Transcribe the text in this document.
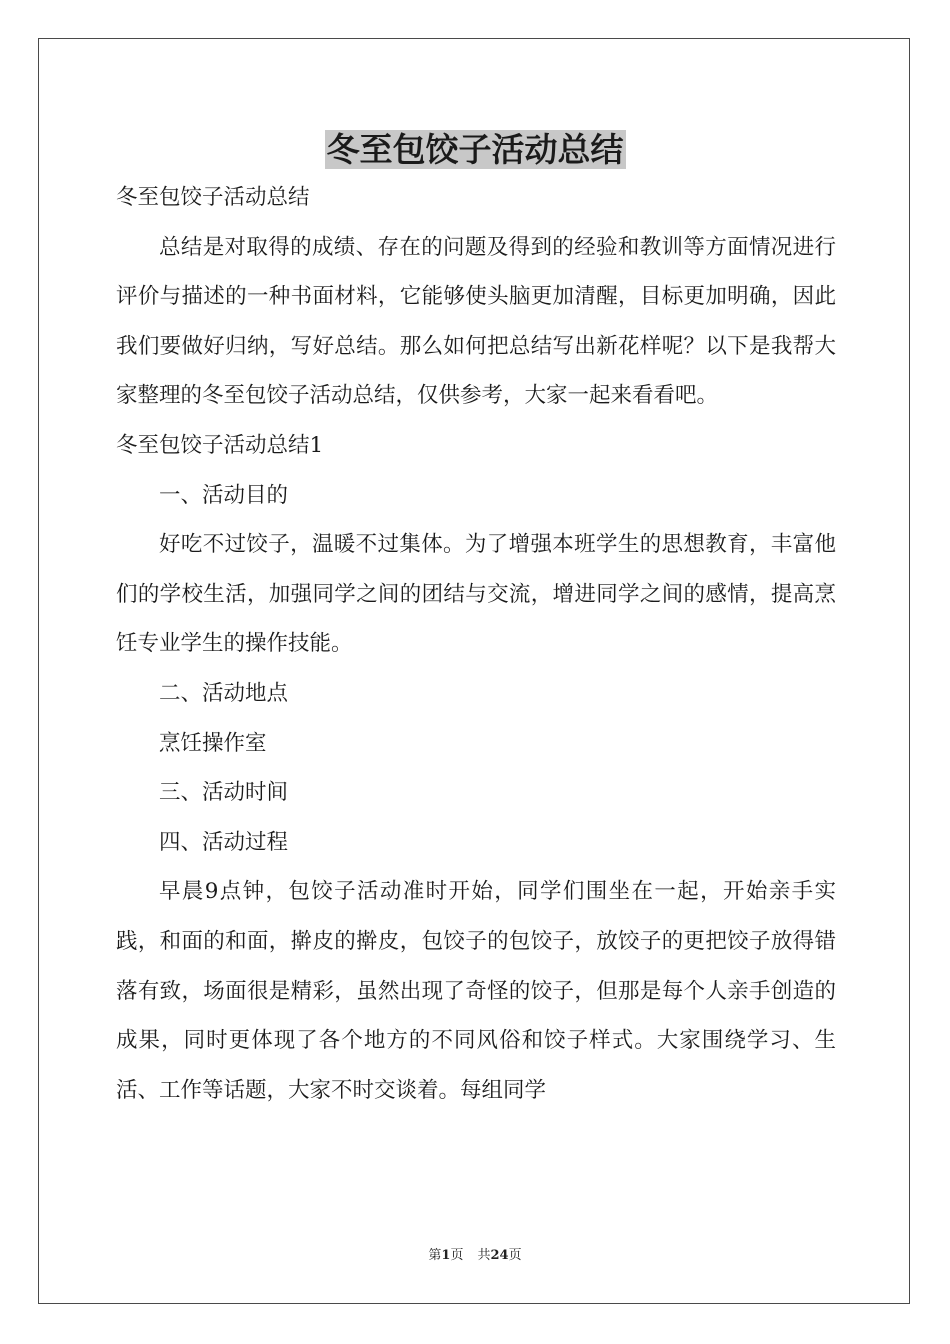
冬至包饺子活动总结

冬至包饺子活动总结

总结是对取得的成绩、存在的问题及得到的经验和教训等方面情况进行评价与描述的一种书面材料，它能够使头脑更加清醒，目标更加明确，因此我们要做好归纳，写好总结。那么如何把总结写出新花样呢？以下是我帮大家整理的冬至包饺子活动总结，仅供参考，大家一起来看看吧。

冬至包饺子活动总结1

一、活动目的

好吃不过饺子，温暖不过集体。为了增强本班学生的思想教育，丰富他们的学校生活，加强同学之间的团结与交流，增进同学之间的感情，提高烹饪专业学生的操作技能。

二、活动地点

烹饪操作室

三、活动时间

四、活动过程

早晨9点钟，包饺子活动准时开始，同学们围坐在一起，开始亲手实践，和面的和面，擀皮的擀皮，包饺子的包饺子，放饺子的更把饺子放得错落有致，场面很是精彩，虽然出现了奇怪的饺子，但那是每个人亲手创造的成果，同时更体现了各个地方的不同风俗和饺子样式。大家围绕学习、生活、工作等话题，大家不时交谈着。每组同学

第1页 共24页
